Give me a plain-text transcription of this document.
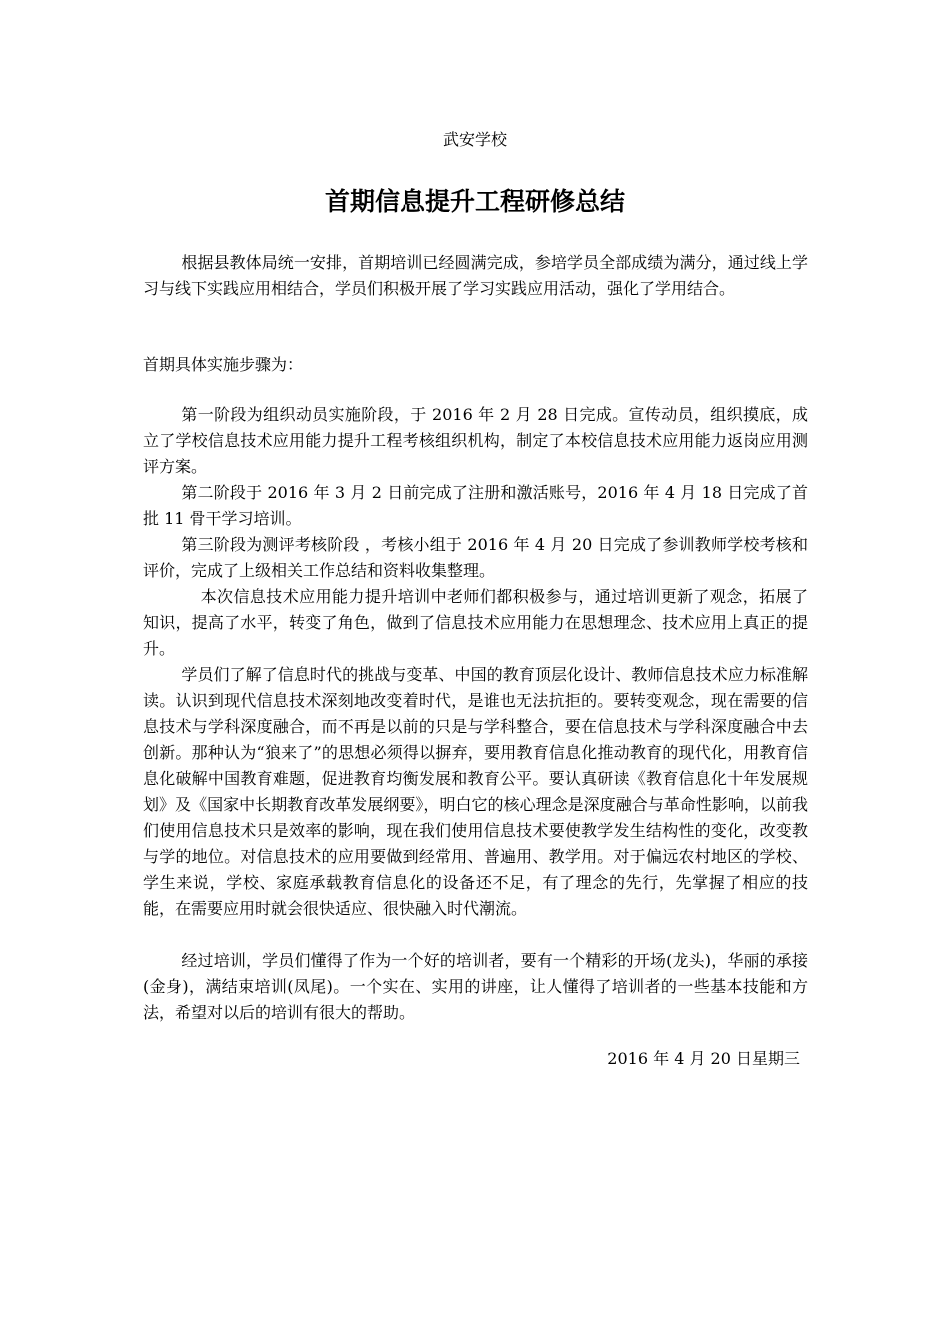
武安学校
首期信息提升工程研修总结

根据县教体局统一安排，首期培训已经圆满完成，参培学员全部成绩为满分，通过线上学习与线下实践应用相结合，学员们积极开展了学习实践应用活动，强化了学用结合。

首期具体实施步骤为：

第一阶段为组织动员实施阶段，于 2016 年 2 月 28 日完成。宣传动员，组织摸底，成立了学校信息技术应用能力提升工程考核组织机构，制定了本校信息技术应用能力返岗应用测评方案。

第二阶段于 2016 年 3 月 2 日前完成了注册和激活账号，2016 年 4 月 18 日完成了首批 11 骨干学习培训。

第三阶段为测评考核阶段 ，考核小组于 2016 年 4 月 20 日完成了参训教师学校考核和评价，完成了上级相关工作总结和资料收集整理。

本次信息技术应用能力提升培训中老师们都积极参与，通过培训更新了观念，拓展了知识，提高了水平，转变了角色，做到了信息技术应用能力在思想理念、技术应用上真正的提升。

学员们了解了信息时代的挑战与变革、中国的教育顶层化设计、教师信息技术应力标准解读。认识到现代信息技术深刻地改变着时代，是谁也无法抗拒的。要转变观念，现在需要的信息技术与学科深度融合，而不再是以前的只是与学科整合，要在信息技术与学科深度融合中去创新。那种认为“狼来了”的思想必须得以摒弃，要用教育信息化推动教育的现代化，用教育信息化破解中国教育难题，促进教育均衡发展和教育公平。要认真研读《教育信息化十年发展规划》及《国家中长期教育改革发展纲要》，明白它的核心理念是深度融合与革命性影响，以前我们使用信息技术只是效率的影响，现在我们使用信息技术要使教学发生结构性的变化，改变教与学的地位。对信息技术的应用要做到经常用、普遍用、教学用。对于偏远农村地区的学校、学生来说，学校、家庭承载教育信息化的设备还不足，有了理念的先行，先掌握了相应的技能，在需要应用时就会很快适应、很快融入时代潮流。

经过培训，学员们懂得了作为一个好的培训者，要有一个精彩的开场(龙头)，华丽的承接(金身)，满结束培训(凤尾)。一个实在、实用的讲座，让人懂得了培训者的一些基本技能和方法，希望对以后的培训有很大的帮助。

2016 年 4 月 20 日星期三
